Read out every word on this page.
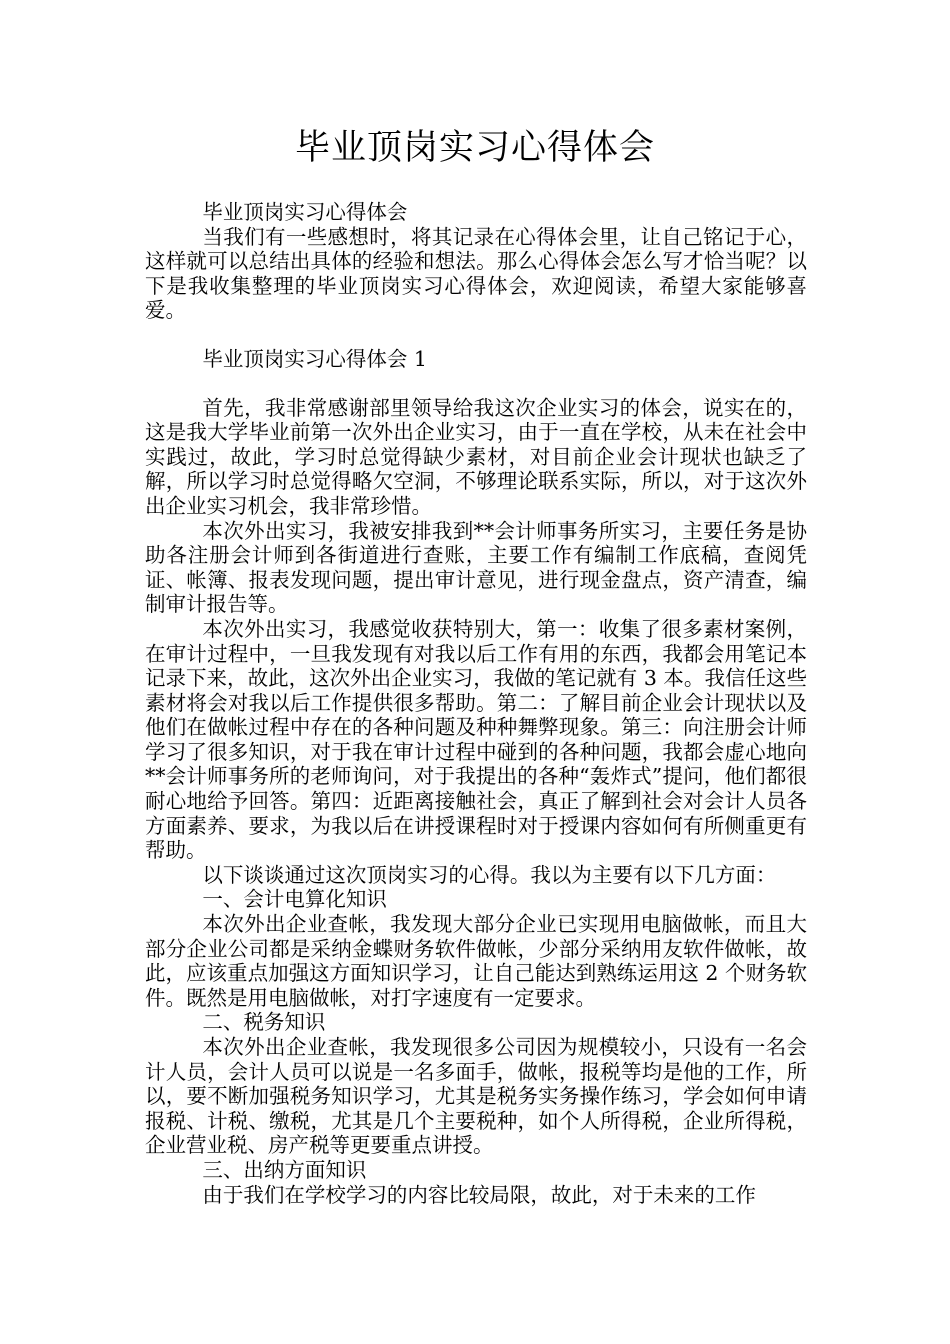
毕业顶岗实习心得体会

毕业顶岗实习心得体会

当我们有一些感想时，将其记录在心得体会里，让自己铭记于心，这样就可以总结出具体的经验和想法。那么心得体会怎么写才恰当呢？以下是我收集整理的毕业顶岗实习心得体会，欢迎阅读，希望大家能够喜爱。

毕业顶岗实习心得体会 1

首先，我非常感谢部里领导给我这次企业实习的体会，说实在的，这是我大学毕业前第一次外出企业实习，由于一直在学校，从未在社会中实践过，故此，学习时总觉得缺少素材，对目前企业会计现状也缺乏了解，所以学习时总觉得略欠空洞，不够理论联系实际，所以，对于这次外出企业实习机会，我非常珍惜。

本次外出实习，我被安排我到**会计师事务所实习，主要任务是协助各注册会计师到各街道进行查账，主要工作有编制工作底稿，查阅凭证、帐簿、报表发现问题，提出审计意见，进行现金盘点，资产清查，编制审计报告等。

本次外出实习，我感觉收获特别大，第一：收集了很多素材案例，在审计过程中，一旦我发现有对我以后工作有用的东西，我都会用笔记本记录下来，故此，这次外出企业实习，我做的笔记就有 3 本。我信任这些素材将会对我以后工作提供很多帮助。第二：了解目前企业会计现状以及他们在做帐过程中存在的各种问题及种种舞弊现象。第三：向注册会计师学习了很多知识，对于我在审计过程中碰到的各种问题，我都会虚心地向**会计师事务所的老师询问，对于我提出的各种“轰炸式”提问，他们都很耐心地给予回答。第四：近距离接触社会，真正了解到社会对会计人员各方面素养、要求，为我以后在讲授课程时对于授课内容如何有所侧重更有帮助。

以下谈谈通过这次顶岗实习的心得。我以为主要有以下几方面：

一、会计电算化知识

本次外出企业查帐，我发现大部分企业已实现用电脑做帐，而且大部分企业公司都是采纳金蝶财务软件做帐，少部分采纳用友软件做帐，故此，应该重点加强这方面知识学习，让自己能达到熟练运用这 2 个财务软件。既然是用电脑做帐，对打字速度有一定要求。

二、税务知识

本次外出企业查帐，我发现很多公司因为规模较小，只设有一名会计人员，会计人员可以说是一名多面手，做帐，报税等均是他的工作，所以，要不断加强税务知识学习，尤其是税务实务操作练习，学会如何申请报税、计税、缴税，尤其是几个主要税种，如个人所得税，企业所得税，企业营业税、房产税等更要重点讲授。

三、出纳方面知识

由于我们在学校学习的内容比较局限，故此，对于未来的工作
